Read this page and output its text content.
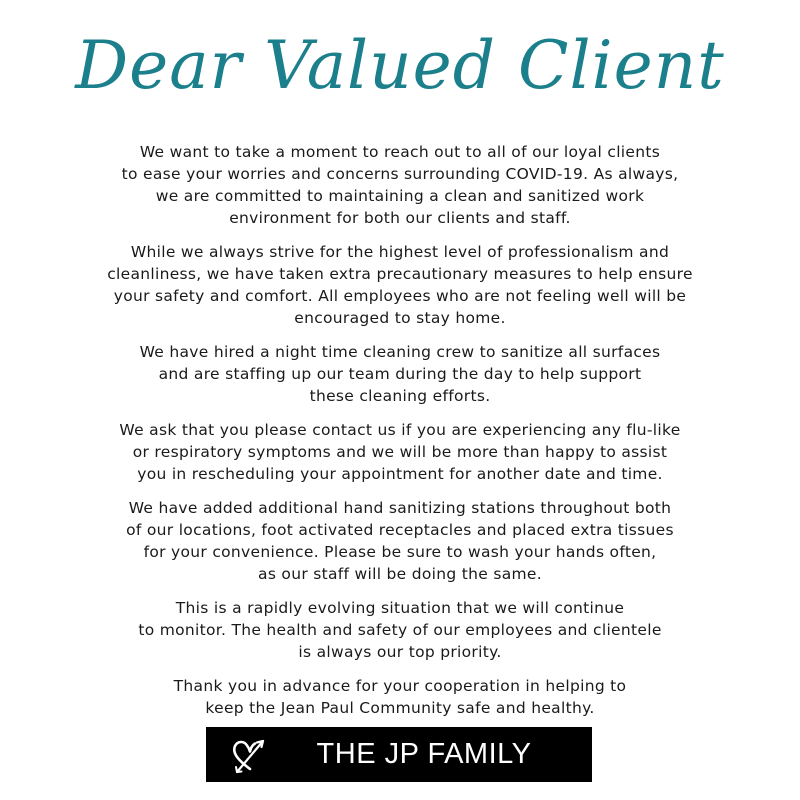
Dear Valued Client

We want to take a moment to reach out to all of our loyal clients
to ease your worries and concerns surrounding COVID-19. As always,
we are committed to maintaining a clean and sanitized work
environment for both our clients and staff.

While we always strive for the highest level of professionalism and
cleanliness, we have taken extra precautionary measures to help ensure
your safety and comfort. All employees who are not feeling well will be
encouraged to stay home.

We have hired a night time cleaning crew to sanitize all surfaces
and are staffing up our team during the day to help support
these cleaning efforts.

We ask that you please contact us if you are experiencing any flu-like
or respiratory symptoms and we will be more than happy to assist
you in rescheduling your appointment for another date and time.

We have added additional hand sanitizing stations throughout both
of our locations, foot activated receptacles and placed extra tissues
for your convenience. Please be sure to wash your hands often,
as our staff will be doing the same.

This is a rapidly evolving situation that we will continue
to monitor. The health and safety of our employees and clientele
is always our top priority.

Thank you in advance for your cooperation in helping to
keep the Jean Paul Community safe and healthy.

THE JP FAMILY
